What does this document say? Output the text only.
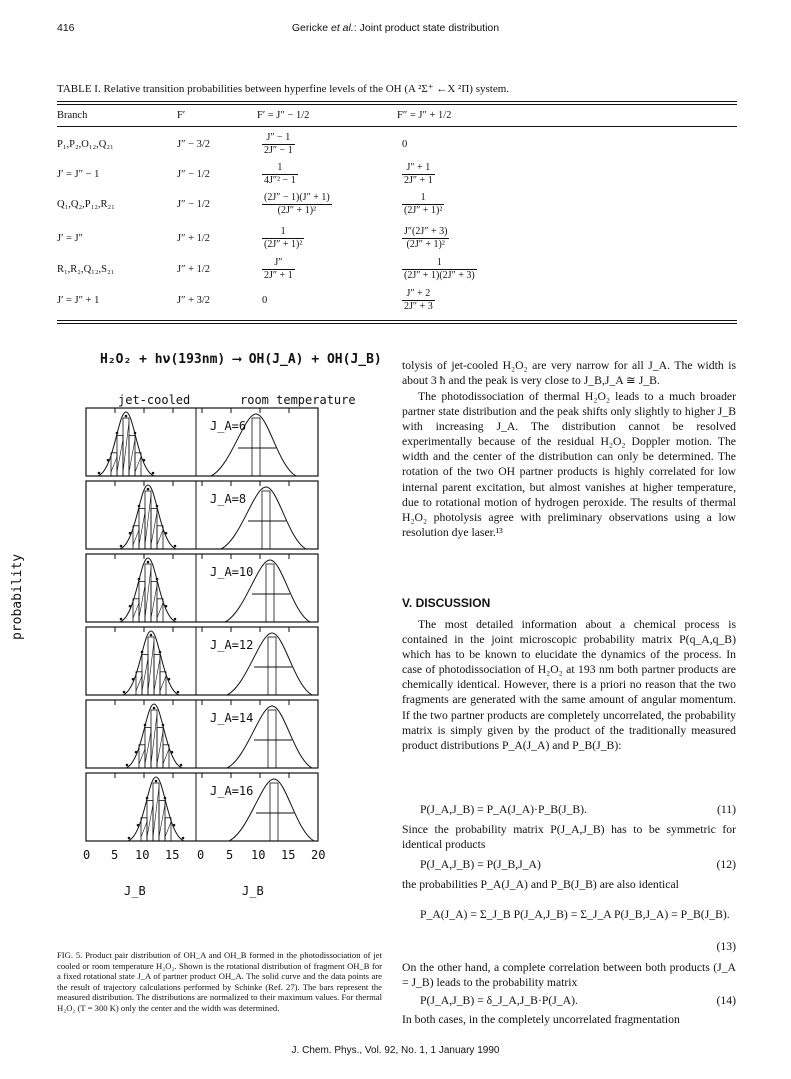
416	Gericke et al.: Joint product state distribution
TABLE I. Relative transition probabilities between hyperfine levels of the OH (A ²Σ⁺ ←X ²Π) system.
Branch	F′	F′ = J″ − 1/2	F″ = J″ + 1/2
P₁,P₂,O₁₂,Q₂₁	J″ − 3/2	$\frac{J'' - 1}{2J'' - 1}$	0
J′ = J″ − 1	J″ − 1/2	$\frac{1}{\text{4J″² − 1}}$	$\frac{J'' + 1}{2J'' + 1}$
Q₁,Q₂,P₁₂,R₂₁	J″ − 1/2	$\frac{(2J'' - 1)(J'' + 1)}{\text{(2J″ + 1)²}}$	$\frac{1}{\text{(2J″ + 1)²}}$
J′ = J″	J″ + 1/2	$\frac{1}{\text{(2J″ + 1)²}}$	$\frac{J''(2J'' + 3)}{\text{(2J″ + 1)²}}$
R₁,R₂,Q₁₂,S₂₁	J″ + 1/2	$\frac{J''}{2J'' + 1}$	$\frac{1}{(2J'' + 1)(2J'' + 3)}$
J′ = J″ + 1	J″ + 3/2	0	$\frac{J'' + 2}{2J'' + 3}$
H₂O₂ + hν(193nm) ⟶ OH(J_A) + OH(J_B)
jet-cooled	room temperature
probability
J_A=6
J_A=8
J_A=10
J_A=12
J_A=14
J_A=16
0 5 10 15 0 5 10 15 20
J_B	J_B
FIG. 5. Product pair distribution of OH_A and OH_B formed in the photodissociation of jet cooled or room temperature H₂O₂. Shown is the rotational distribution of fragment OH_B for a fixed rotational state J_A of partner product OH_A. The solid curve and the data points are the result of trajectory calculations performed by Schinke (Ref. 27). The bars represent the measured distribution. The distributions are normalized to their maximum values. For thermal H₂O₂ (T = 300 K) only the center and the width was determined.
tolysis of jet-cooled H₂O₂ are very narrow for all J_A. The width is about 3 ħ and the peak is very close to J_B,J_A ≅ J_B.
The photodissociation of thermal H₂O₂ leads to a much broader partner state distribution and the peak shifts only slightly to higher J_B with increasing J_A. The distribution cannot be resolved experimentally because of the residual H₂O₂ Doppler motion. The width and the center of the distribution can only be determined. The rotation of the two OH partner products is highly correlated for low internal parent excitation, but almost vanishes at higher temperature, due to rotational motion of hydrogen peroxide. The results of thermal H₂O₂ photolysis agree with preliminary observations using a low resolution dye laser.¹³
V. DISCUSSION
The most detailed information about a chemical process is contained in the joint microscopic probability matrix P(q_A,q_B) which has to be known to elucidate the dynamics of the process. In case of photodissociation of H₂O₂ at 193 nm both partner products are chemically identical. However, there is a priori no reason that the two fragments are generated with the same amount of angular momentum. If the two partner products are completely uncorrelated, the probability matrix is simply given by the product of the traditionally measured product distributions P_A(J_A) and P_B(J_B):
P(J_A,J_B) = P_A(J_A)·P_B(J_B).	(11)
Since the probability matrix P(J_A,J_B) has to be symmetric for identical products
P(J_A,J_B) = P(J_B,J_A)	(12)
the probabilities P_A(J_A) and P_B(J_B) are also identical
P_A(J_A) = Σ_J_B P(J_A,J_B) = Σ_J_A P(J_B,J_A) = P_B(J_B).
(13)
On the other hand, a complete correlation between both products (J_A = J_B) leads to the probability matrix
P(J_A,J_B) = δ_J_A,J_B·P(J_A).	(14)
In both cases, in the completely uncorrelated fragmentation
J. Chem. Phys., Vol. 92, No. 1, 1 January 1990
